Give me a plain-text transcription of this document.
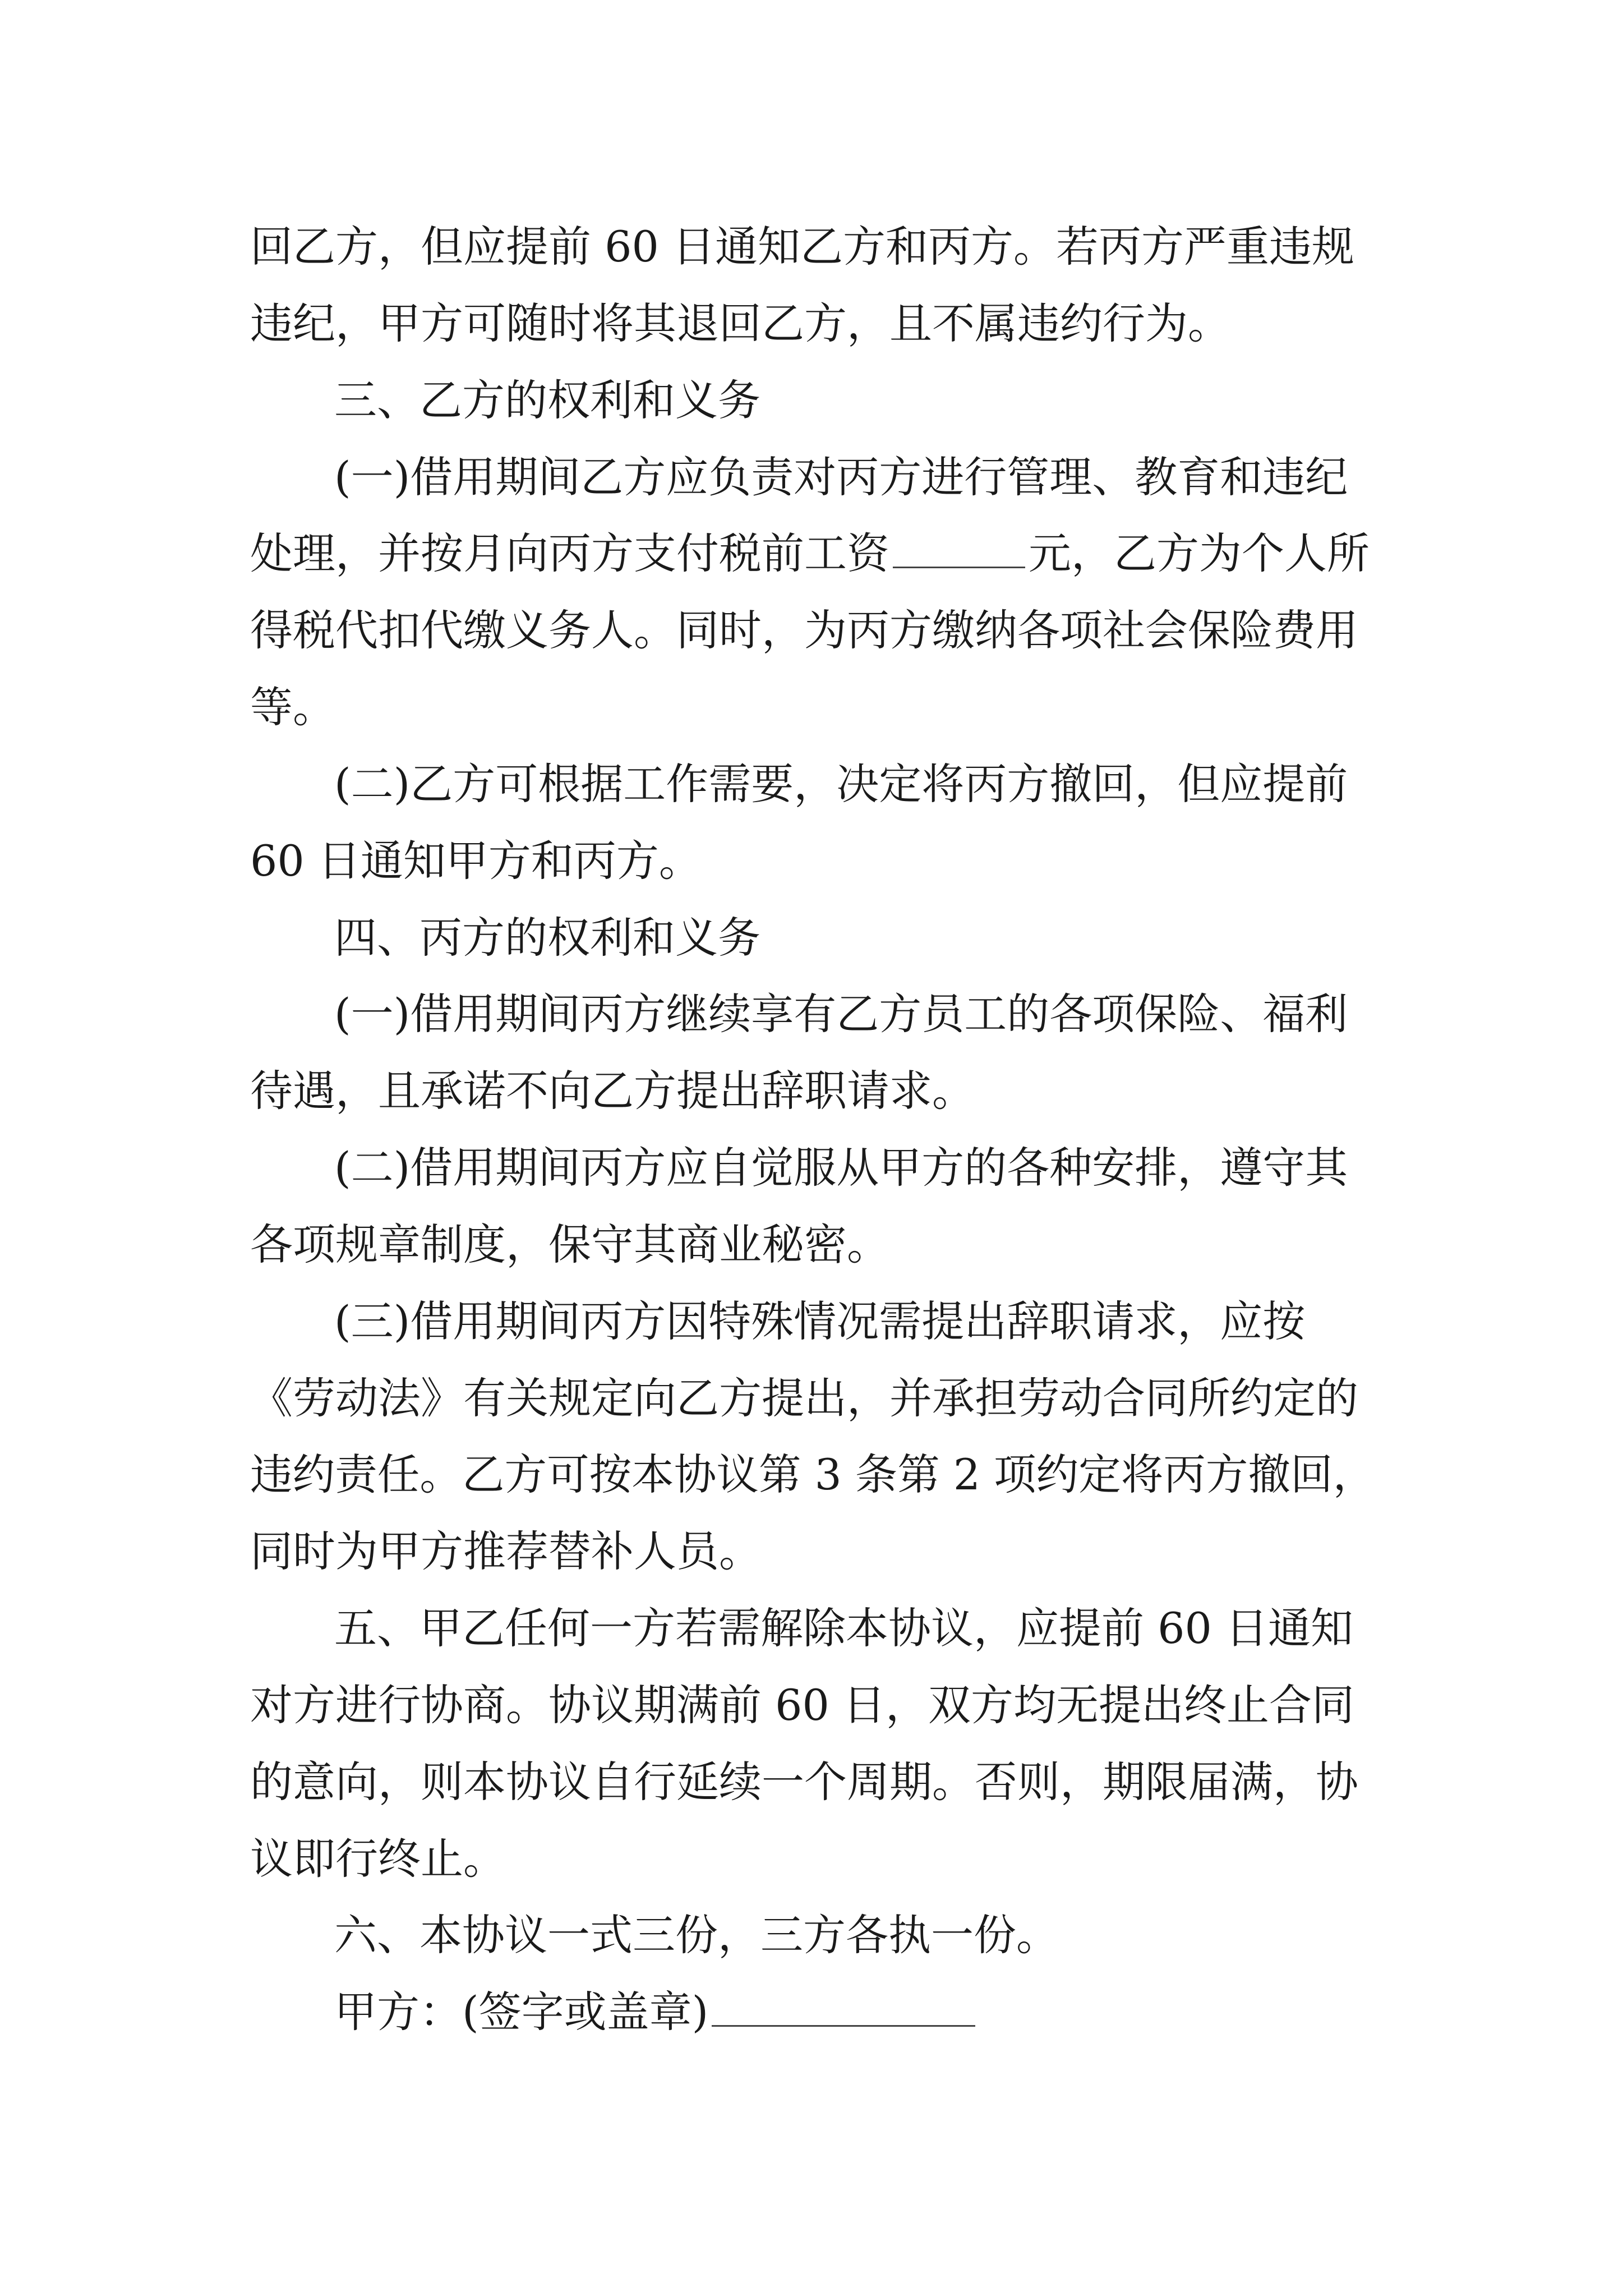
回乙方，但应提前 60 日通知乙方和丙方。若丙方严重违规
违纪，甲方可随时将其退回乙方，且不属违约行为。
三、乙方的权利和义务
(一)借用期间乙方应负责对丙方进行管理、教育和违纪
处理，并按月向丙方支付税前工资	元，乙方为个人所
得税代扣代缴义务人。同时，为丙方缴纳各项社会保险费用
等。
(二)乙方可根据工作需要，决定将丙方撤回，但应提前
60 日通知甲方和丙方。
四、丙方的权利和义务
(一)借用期间丙方继续享有乙方员工的各项保险、福利
待遇，且承诺不向乙方提出辞职请求。
(二)借用期间丙方应自觉服从甲方的各种安排，遵守其
各项规章制度，保守其商业秘密。
(三)借用期间丙方因特殊情况需提出辞职请求，应按
《劳动法》有关规定向乙方提出，并承担劳动合同所约定的
违约责任。乙方可按本协议第 3 条第 2 项约定将丙方撤回，
同时为甲方推荐替补人员。
五、甲乙任何一方若需解除本协议，应提前 60 日通知
对方进行协商。协议期满前 60 日，双方均无提出终止合同
的意向，则本协议自行延续一个周期。否则，期限届满，协
议即行终止。
六、本协议一式三份，三方各执一份。
甲方：(签字或盖章)
